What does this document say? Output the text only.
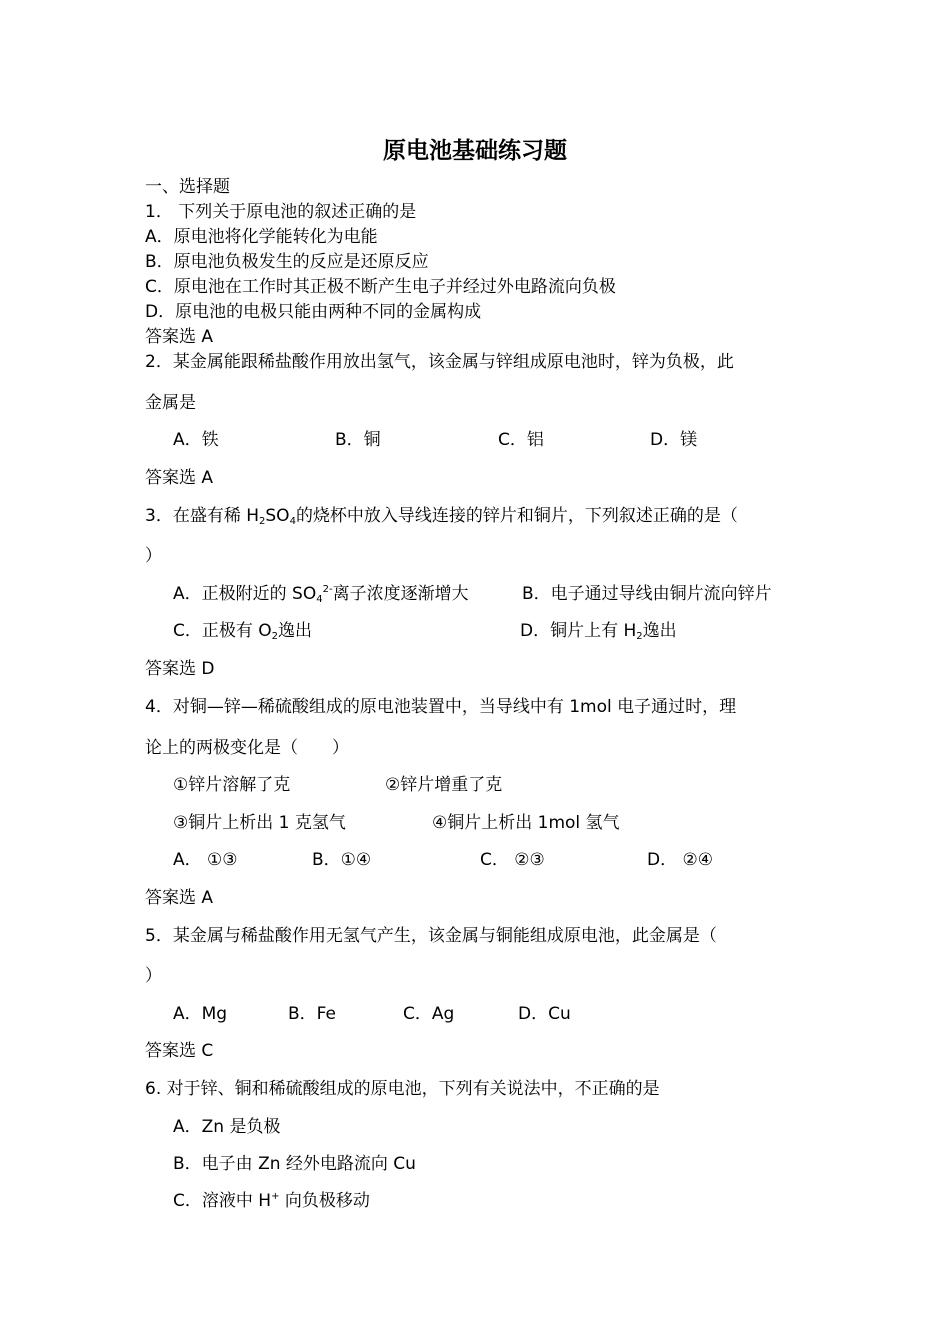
原电池基础练习题
一、选择题
1． 下列关于原电池的叙述正确的是
A．原电池将化学能转化为电能
B．原电池负极发生的反应是还原反应
C．原电池在工作时其正极不断产生电子并经过外电路流向负极
D．原电池的电极只能由两种不同的金属构成
答案选 A
2．某金属能跟稀盐酸作用放出氢气，该金属与锌组成原电池时，锌为负极，此
金属是
A．铁	B．铜	C．铝	D．镁
答案选 A
3．在盛有稀 $H_2SO_4$的烧杯中放入导线连接的锌片和铜片，下列叙述正确的是（
）
A．正极附近的 $SO_4^{2-}$离子浓度逐渐增大	B．电子通过导线由铜片流向锌片
C．正极有 $O_2$逸出	D．铜片上有 $H_2$逸出
答案选 D
4．对铜—锌—稀硫酸组成的原电池装置中，当导线中有 1mol 电子通过时，理
论上的两极变化是（　　）
①锌片溶解了克	②锌片增重了克
③铜片上析出 1 克氢气	④铜片上析出 1mol 氢气
A． ①③	B．①④	C． ②③	D． ②④
答案选 A
5．某金属与稀盐酸作用无氢气产生，该金属与铜能组成原电池，此金属是（
）
A．Mg	B．Fe	C．Ag	D．Cu
答案选 C
6. 对于锌、铜和稀硫酸组成的原电池，下列有关说法中，不正确的是
A．Zn 是负极
B．电子由 Zn 经外电路流向 Cu
C．溶液中 H+ 向负极移动
